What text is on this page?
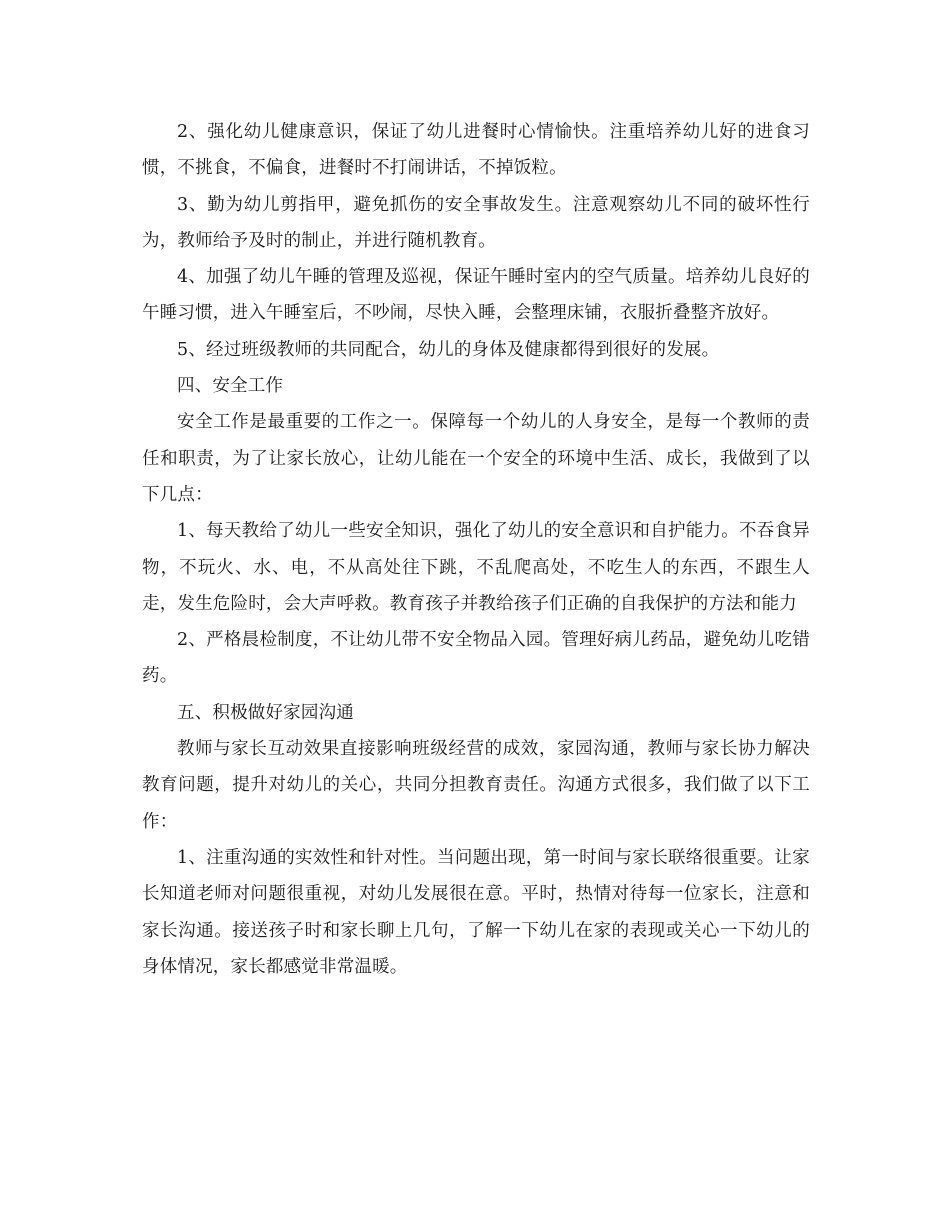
2、强化幼儿健康意识，保证了幼儿进餐时心情愉快。注重培养幼儿好的进食习惯，不挑食，不偏食，进餐时不打闹讲话，不掉饭粒。

3、勤为幼儿剪指甲，避免抓伤的安全事故发生。注意观察幼儿不同的破坏性行为，教师给予及时的制止，并进行随机教育。

4、加强了幼儿午睡的管理及巡视，保证午睡时室内的空气质量。培养幼儿良好的午睡习惯，进入午睡室后，不吵闹，尽快入睡，会整理床铺，衣服折叠整齐放好。

5、经过班级教师的共同配合，幼儿的身体及健康都得到很好的发展。

四、安全工作

安全工作是最重要的工作之一。保障每一个幼儿的人身安全，是每一个教师的责任和职责，为了让家长放心，让幼儿能在一个安全的环境中生活、成长，我做到了以下几点：

1、每天教给了幼儿一些安全知识，强化了幼儿的安全意识和自护能力。不吞食异物，不玩火、水、电，不从高处往下跳，不乱爬高处，不吃生人的东西，不跟生人走，发生危险时，会大声呼救。教育孩子并教给孩子们正确的自我保护的方法和能力

2、严格晨检制度，不让幼儿带不安全物品入园。管理好病儿药品，避免幼儿吃错药。

五、积极做好家园沟通

教师与家长互动效果直接影响班级经营的成效，家园沟通，教师与家长协力解决教育问题，提升对幼儿的关心，共同分担教育责任。沟通方式很多，我们做了以下工作：

1、注重沟通的实效性和针对性。当问题出现，第一时间与家长联络很重要。让家长知道老师对问题很重视，对幼儿发展很在意。平时，热情对待每一位家长，注意和家长沟通。接送孩子时和家长聊上几句，了解一下幼儿在家的表现或关心一下幼儿的身体情况，家长都感觉非常温暖。
